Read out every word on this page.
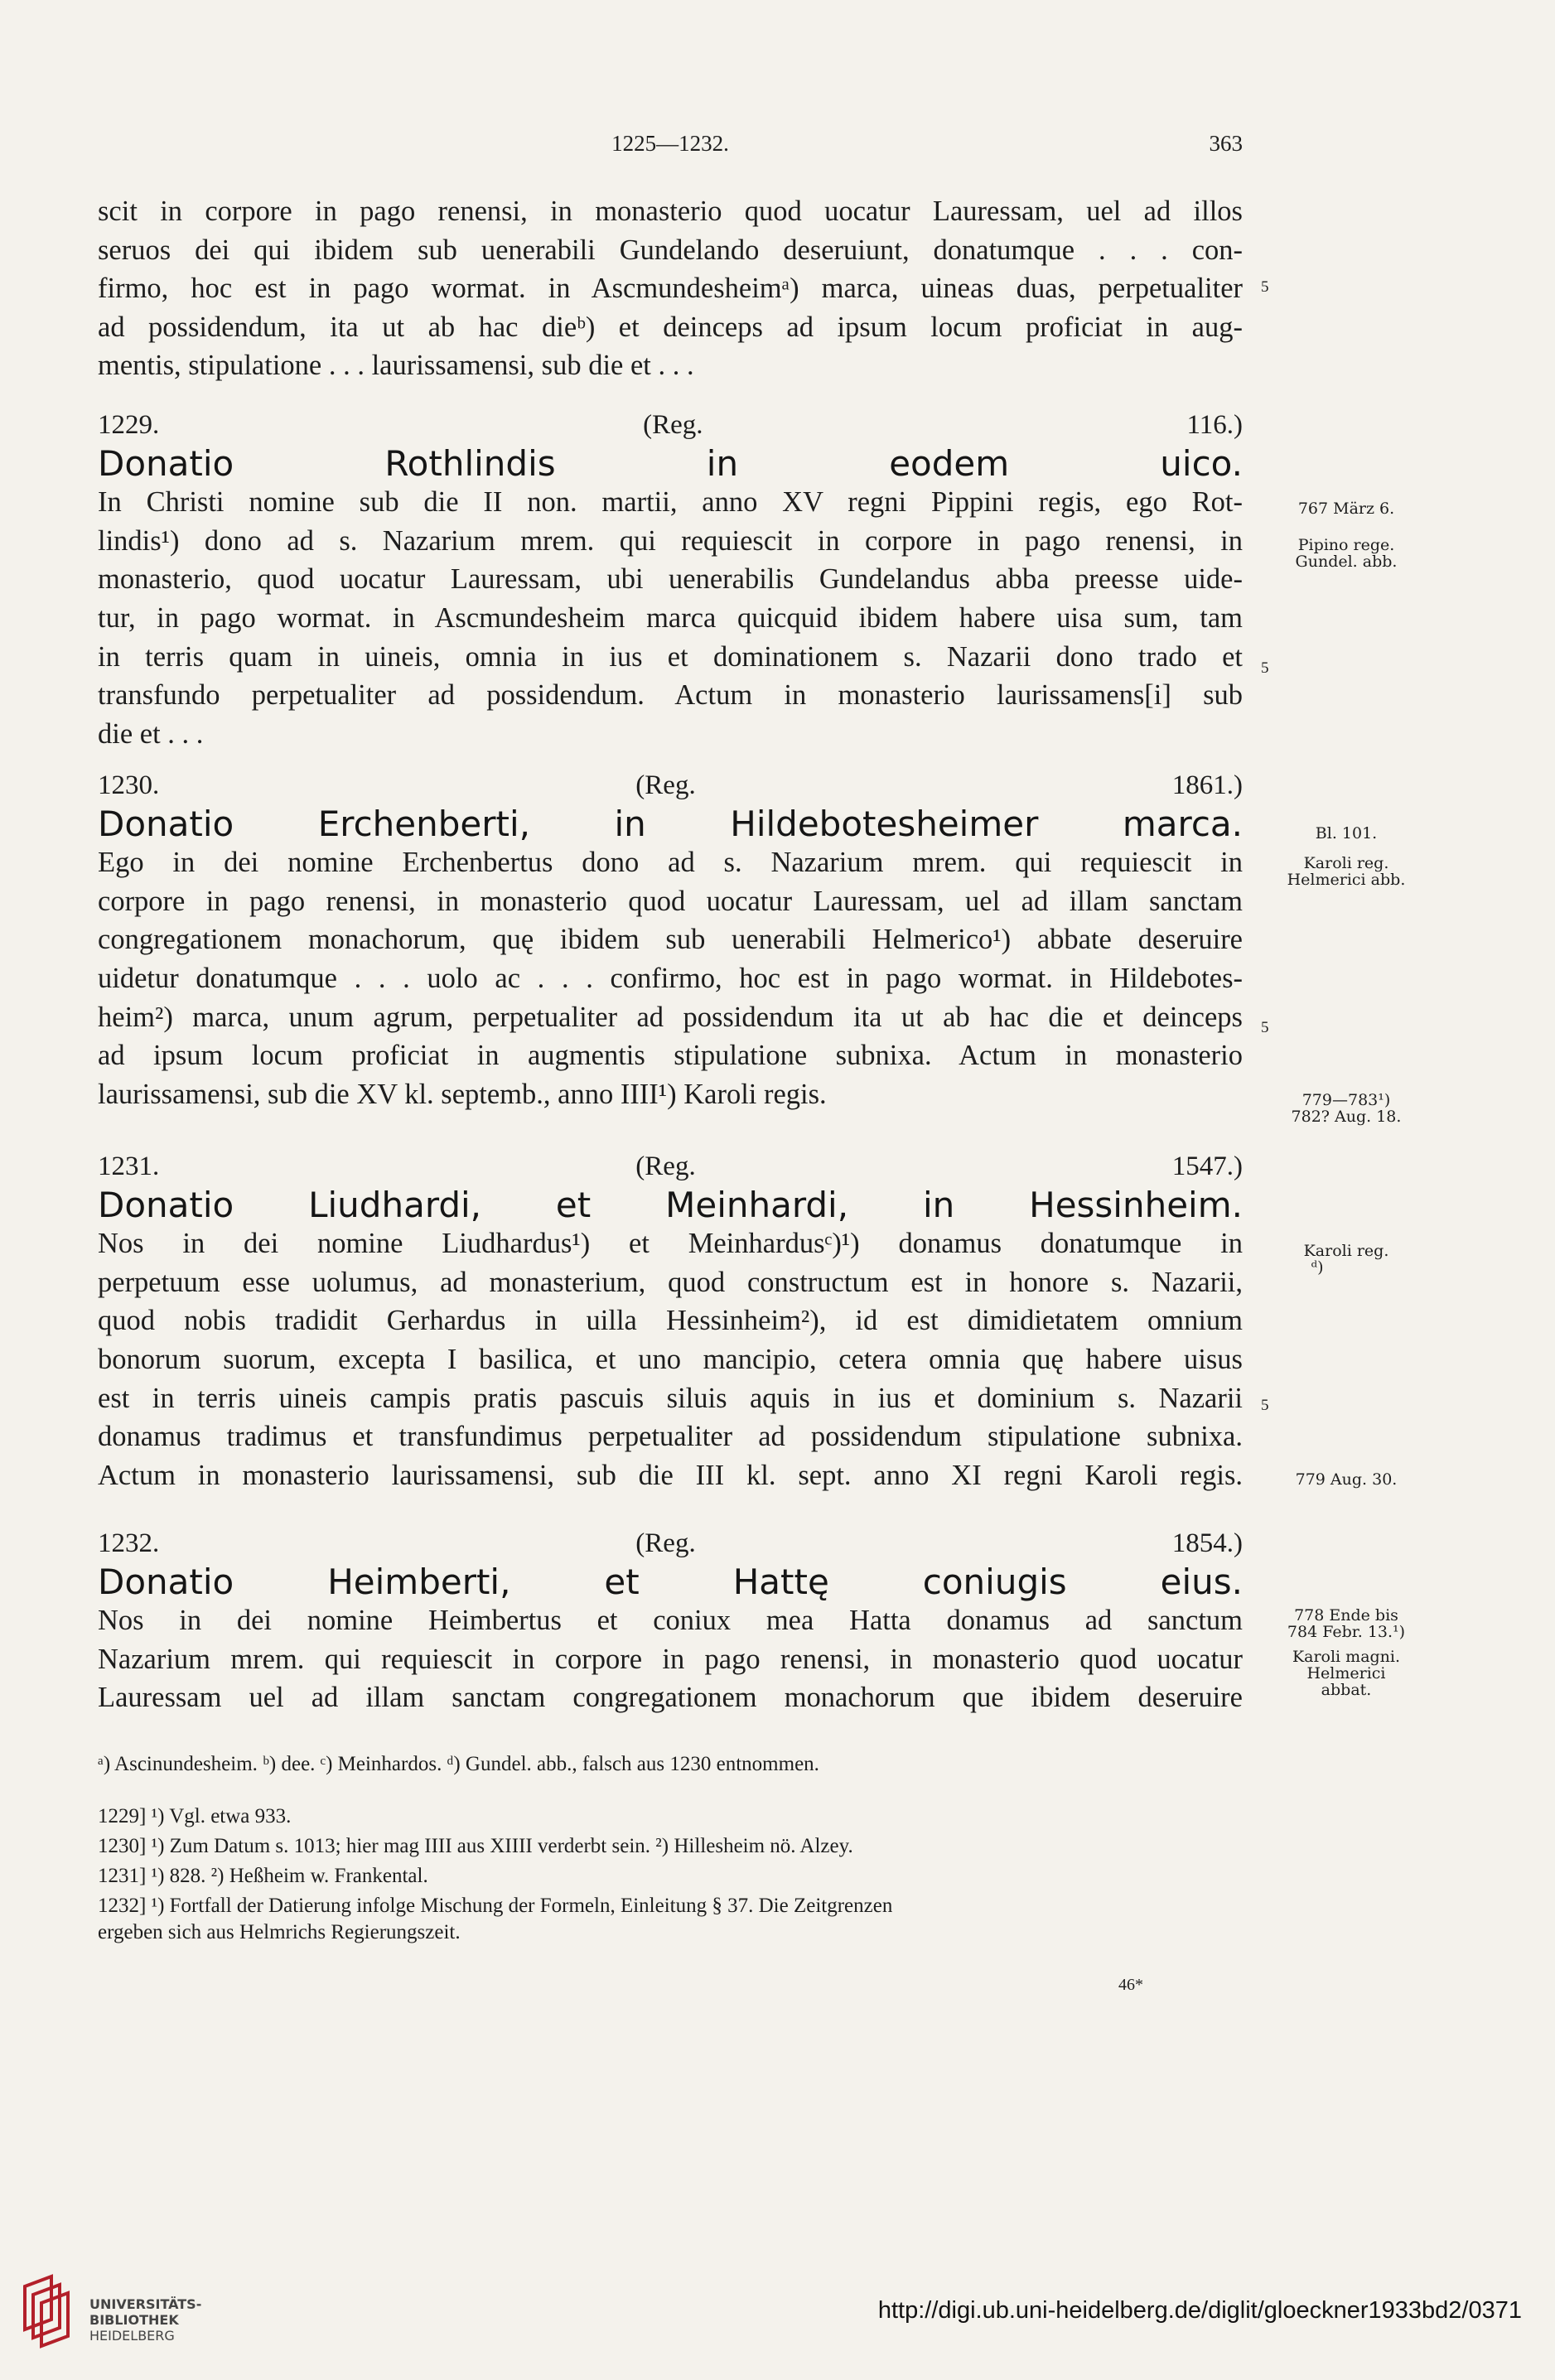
1225—1232.	363
scit in corpore in pago renensi, in monasterio quod uocatur Lauressam, uel ad illos
seruos dei qui ibidem sub uenerabili Gundelando deseruiunt, donatumque . . . con-
firmo, hoc est in pago wormat. in Ascmundesheimᵃ) marca, uineas duas, perpetualiter
ad possidendum, ita ut ab hac dieᵇ) et deinceps ad ipsum locum proficiat in aug-
mentis, stipulatione . . . laurissamensi, sub die et . . .
1229. (Reg. 116.)
Donatio Rothlindis in eodem uico.
In Christi nomine sub die II non. martii, anno XV regni Pippini regis, ego Rot-
lindis¹) dono ad s. Nazarium mrem. qui requiescit in corpore in pago renensi, in
monasterio, quod uocatur Lauressam, ubi uenerabilis Gundelandus abba preesse uide-
tur, in pago wormat. in Ascmundesheim marca quicquid ibidem habere uisa sum, tam
in terris quam in uineis, omnia in ius et dominationem s. Nazarii dono trado et
transfundo perpetualiter ad possidendum. Actum in monasterio laurissamens[i] sub
die et . . .
1230. (Reg. 1861.)
Donatio Erchenberti, in Hildebotesheimer marca.
Ego in dei nomine Erchenbertus dono ad s. Nazarium mrem. qui requiescit in
corpore in pago renensi, in monasterio quod uocatur Lauressam, uel ad illam sanctam
congregationem monachorum, quę ibidem sub uenerabili Helmerico¹) abbate deseruire
uidetur donatumque . . . uolo ac . . . confirmo, hoc est in pago wormat. in Hildebotes-
heim²) marca, unum agrum, perpetualiter ad possidendum ita ut ab hac die et deinceps
ad ipsum locum proficiat in augmentis stipulatione subnixa. Actum in monasterio
laurissamensi, sub die XV kl. septemb., anno IIII¹) Karoli regis.
1231. (Reg. 1547.)
Donatio Liudhardi, et Meinhardi, in Hessinheim.
Nos in dei nomine Liudhardus¹) et Meinhardusᶜ)¹) donamus donatumque in
perpetuum esse uolumus, ad monasterium, quod constructum est in honore s. Nazarii,
quod nobis tradidit Gerhardus in uilla Hessinheim²), id est dimidietatem omnium
bonorum suorum, excepta I basilica, et uno mancipio, cetera omnia quę habere uisus
est in terris uineis campis pratis pascuis siluis aquis in ius et dominium s. Nazarii
donamus tradimus et transfundimus perpetualiter ad possidendum stipulatione subnixa.
Actum in monasterio laurissamensi, sub die III kl. sept. anno XI regni Karoli regis.
1232. (Reg. 1854.)
Donatio Heimberti, et Hattę coniugis eius.
Nos in dei nomine Heimbertus et coniux mea Hatta donamus ad sanctum
Nazarium mrem. qui requiescit in corpore in pago renensi, in monasterio quod uocatur
Lauressam uel ad illam sanctam congregationem monachorum que ibidem deseruire
5
5
5
5
767 März 6.
Pipino rege.
Gundel. abb.
Bl. 101.
Karoli reg.
Helmerici abb.
779—783¹)
782? Aug. 18.
Karoli reg.
ᵈ)
779 Aug. 30.
778 Ende bis
784 Febr. 13.¹)
Karoli magni.
Helmerici
abbat.
ᵃ) Ascinundesheim. ᵇ) dee. ᶜ) Meinhardos. ᵈ) Gundel. abb., falsch aus 1230 entnommen.
1229] ¹) Vgl. etwa 933.
1230] ¹) Zum Datum s. 1013; hier mag IIII aus XIIII verderbt sein. ²) Hillesheim nö. Alzey.
1231] ¹) 828. ²) Heßheim w. Frankental.
1232] ¹) Fortfall der Datierung infolge Mischung der Formeln, Einleitung § 37. Die Zeitgrenzen
ergeben sich aus Helmrichs Regierungszeit.
46*
UNIVERSITÄTS-
BIBLIOTHEK
HEIDELBERG
http://digi.ub.uni-heidelberg.de/diglit/gloeckner1933bd2/0371
